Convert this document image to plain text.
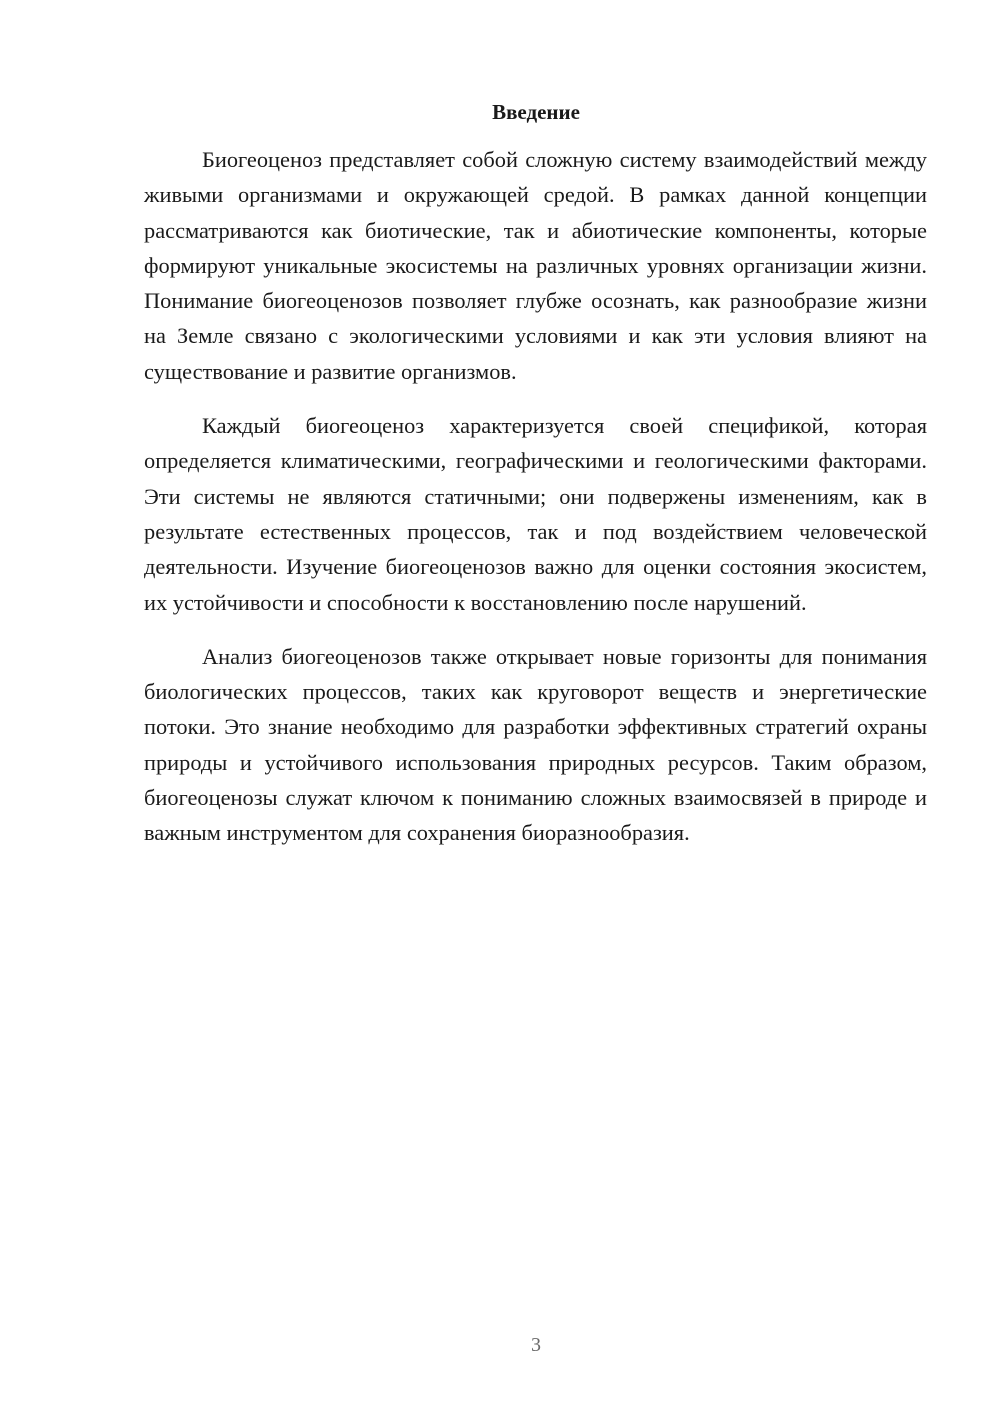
Введение

Биогеоценоз представляет собой сложную систему взаимодействий между живыми организмами и окружающей средой. В рамках данной концепции рассматриваются как биотические, так и абиотические компоненты, которые формируют уникальные экосистемы на различных уровнях организации жизни. Понимание биогеоценозов позволяет глубже осознать, как разнообразие жизни на Земле связано с экологическими условиями и как эти условия влияют на существование и развитие организмов.

Каждый биогеоценоз характеризуется своей спецификой, которая определяется климатическими, географическими и геологическими факторами. Эти системы не являются статичными; они подвержены изменениям, как в результате естественных процессов, так и под воздействием человеческой деятельности. Изучение биогеоценозов важно для оценки состояния экосистем, их устойчивости и способности к восстановлению после нарушений.

Анализ биогеоценозов также открывает новые горизонты для понимания биологических процессов, таких как круговорот веществ и энергетические потоки. Это знание необходимо для разработки эффективных стратегий охраны природы и устойчивого использования природных ресурсов. Таким образом, биогеоценозы служат ключом к пониманию сложных взаимосвязей в природе и важным инструментом для сохранения биоразнообразия.

3
